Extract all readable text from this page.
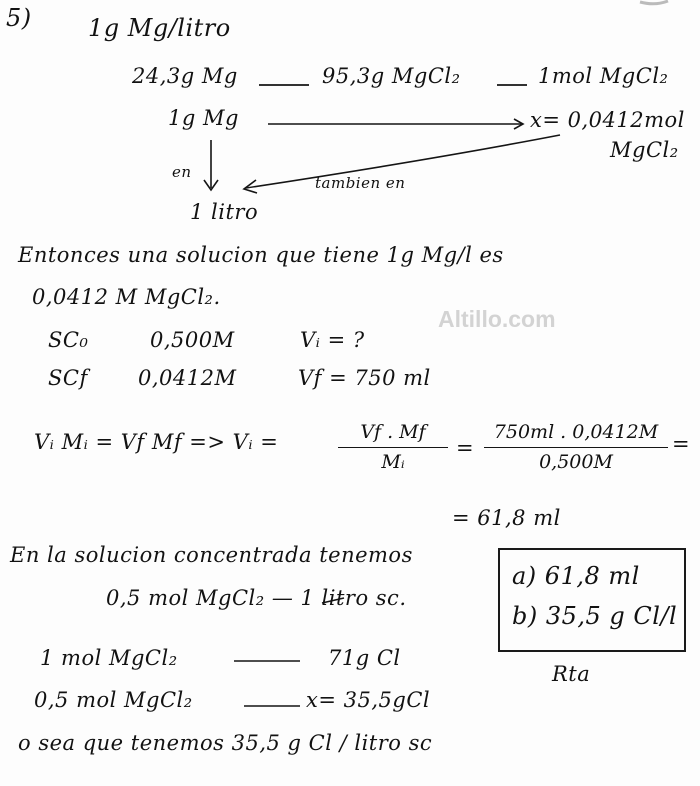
5) 1g Mg/litro
24,3g Mg	95,3g MgCl₂	1mol MgCl₂
1g Mg	x= 0,0412mol
MgCl₂
en
tambien en
1 litro
Entonces una solucion que tiene 1g Mg/l es
0,0412 M MgCl₂.
Altillo.com
SC₀	0,500M	Vᵢ = ?
SCf 0,0412M	Vf = 750 ml
Vᵢ Mᵢ = Vf Mf => Vᵢ =	Vf . Mf
Mᵢ
=
750ml . 0,0412M
0,500M
=
= 61,8 ml
En la solucion concentrada tenemos
0,5 mol MgCl₂ — 1 litro sc.
1 mol MgCl₂	71g Cl
0,5 mol MgCl₂	x= 35,5gCl
o sea que tenemos 35,5 g Cl / litro sc
a) 61,8 ml
b) 35,5 g Cl/l
Rta
